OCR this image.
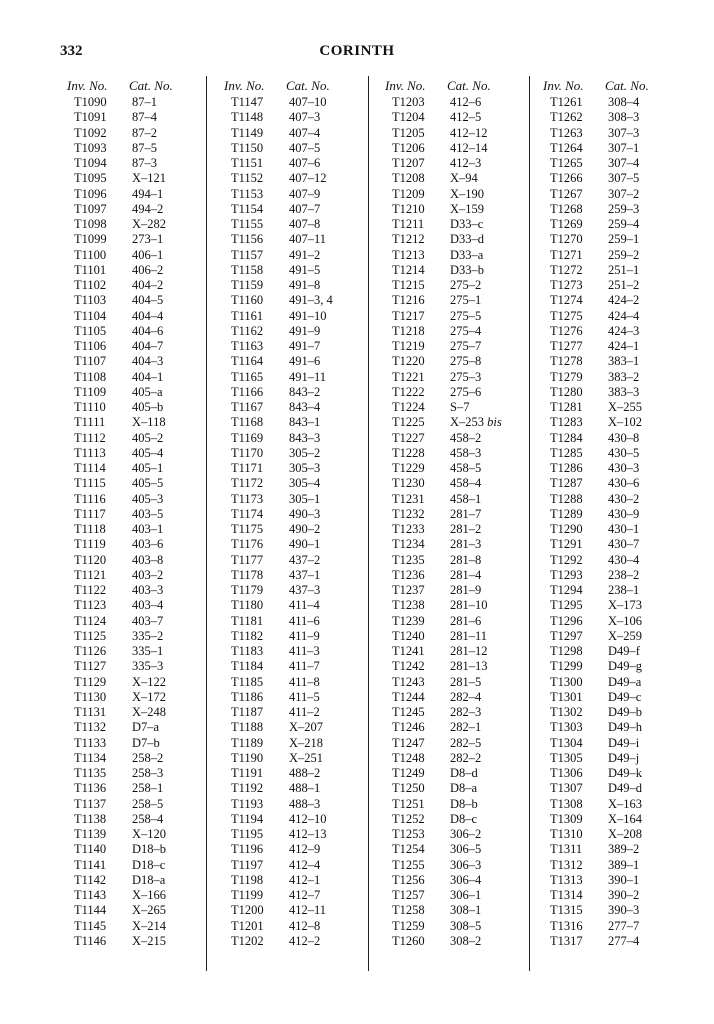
332	CORINTH
Inv. No. Cat. No.
T1090 87–1
T1091 87–4
T1092 87–2
T1093 87–5
T1094 87–3
T1095 X–121
T1096 494–1
T1097 494–2
T1098 X–282
T1099 273–1
T1100 406–1
T1101 406–2
T1102 404–2
T1103 404–5
T1104 404–4
T1105 404–6
T1106 404–7
T1107 404–3
T1108 404–1
T1109 405–a
T1110 405–b
T1111 X–118
T1112 405–2
T1113 405–4
T1114 405–1
T1115 405–5
T1116 405–3
T1117 403–5
T1118 403–1
T1119 403–6
T1120 403–8
T1121 403–2
T1122 403–3
T1123 403–4
T1124 403–7
T1125 335–2
T1126 335–1
T1127 335–3
T1129 X–122
T1130 X–172
T1131 X–248
T1132 D7–a
T1133 D7–b
T1134 258–2
T1135 258–3
T1136 258–1
T1137 258–5
T1138 258–4
T1139 X–120
T1140 D18–b
T1141 D18–c
T1142 D18–a
T1143 X–166
T1144 X–265
T1145 X–214
T1146 X–215
Inv. No. Cat. No.
T1147 407–10
T1148 407–3
T1149 407–4
T1150 407–5
T1151 407–6
T1152 407–12
T1153 407–9
T1154 407–7
T1155 407–8
T1156 407–11
T1157 491–2
T1158 491–5
T1159 491–8
T1160 491–3, 4
T1161 491–10
T1162 491–9
T1163 491–7
T1164 491–6
T1165 491–11
T1166 843–2
T1167 843–4
T1168 843–1
T1169 843–3
T1170 305–2
T1171 305–3
T1172 305–4
T1173 305–1
T1174 490–3
T1175 490–2
T1176 490–1
T1177 437–2
T1178 437–1
T1179 437–3
T1180 411–4
T1181 411–6
T1182 411–9
T1183 411–3
T1184 411–7
T1185 411–8
T1186 411–5
T1187 411–2
T1188 X–207
T1189 X–218
T1190 X–251
T1191 488–2
T1192 488–1
T1193 488–3
T1194 412–10
T1195 412–13
T1196 412–9
T1197 412–4
T1198 412–1
T1199 412–7
T1200 412–11
T1201 412–8
T1202 412–2
Inv. No. Cat. No.
T1203 412–6
T1204 412–5
T1205 412–12
T1206 412–14
T1207 412–3
T1208 X–94
T1209 X–190
T1210 X–159
T1211 D33–c
T1212 D33–d
T1213 D33–a
T1214 D33–b
T1215 275–2
T1216 275–1
T1217 275–5
T1218 275–4
T1219 275–7
T1220 275–8
T1221 275–3
T1222 275–6
T1224 S–7
T1225 X–253 bis
T1227 458–2
T1228 458–3
T1229 458–5
T1230 458–4
T1231 458–1
T1232 281–7
T1233 281–2
T1234 281–3
T1235 281–8
T1236 281–4
T1237 281–9
T1238 281–10
T1239 281–6
T1240 281–11
T1241 281–12
T1242 281–13
T1243 281–5
T1244 282–4
T1245 282–3
T1246 282–1
T1247 282–5
T1248 282–2
T1249 D8–d
T1250 D8–a
T1251 D8–b
T1252 D8–c
T1253 306–2
T1254 306–5
T1255 306–3
T1256 306–4
T1257 306–1
T1258 308–1
T1259 308–5
T1260 308–2
Inv. No. Cat. No.
T1261 308–4
T1262 308–3
T1263 307–3
T1264 307–1
T1265 307–4
T1266 307–5
T1267 307–2
T1268 259–3
T1269 259–4
T1270 259–1
T1271 259–2
T1272 251–1
T1273 251–2
T1274 424–2
T1275 424–4
T1276 424–3
T1277 424–1
T1278 383–1
T1279 383–2
T1280 383–3
T1281 X–255
T1283 X–102
T1284 430–8
T1285 430–5
T1286 430–3
T1287 430–6
T1288 430–2
T1289 430–9
T1290 430–1
T1291 430–7
T1292 430–4
T1293 238–2
T1294 238–1
T1295 X–173
T1296 X–106
T1297 X–259
T1298 D49–f
T1299 D49–g
T1300 D49–a
T1301 D49–c
T1302 D49–b
T1303 D49–h
T1304 D49–i
T1305 D49–j
T1306 D49–k
T1307 D49–d
T1308 X–163
T1309 X–164
T1310 X–208
T1311 389–2
T1312 389–1
T1313 390–1
T1314 390–2
T1315 390–3
T1316 277–7
T1317 277–4
